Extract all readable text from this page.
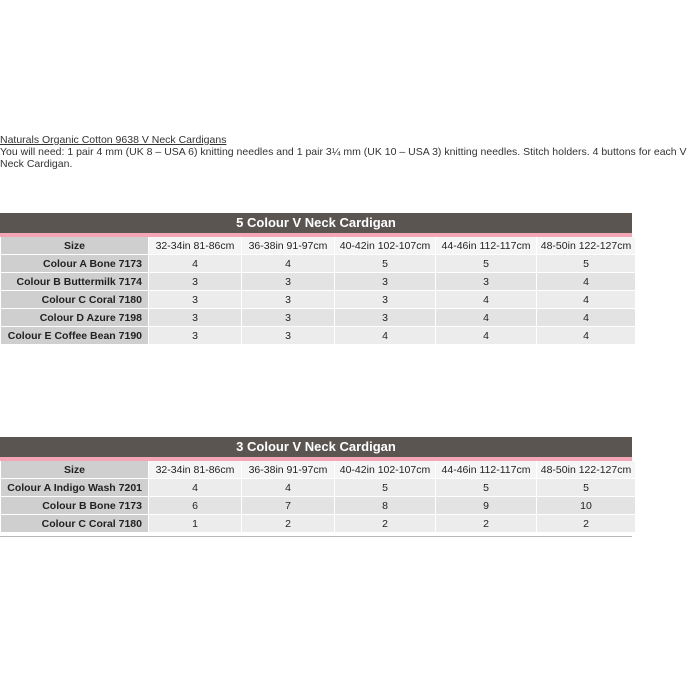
Naturals Organic Cotton 9638 V Neck Cardigans
You will need: 1 pair 4 mm (UK 8 – USA 6) knitting needles and 1 pair 3¼ mm (UK 10 – USA 3) knitting needles. Stitch holders. 4 buttons for each V Neck Cardigan.
5 Colour V Neck Cardigan
Size	32-34in 81-86cm	36-38in 91-97cm	40-42in 102-107cm	44-46in 112-117cm	48-50in 122-127cm
Colour A Bone 7173	4	4	5	5	5
Colour B Buttermilk 7174	3	3	3	3	4
Colour C Coral 7180	3	3	3	4	4
Colour D Azure 7198	3	3	3	4	4
Colour E Coffee Bean 7190	3	3	4	4	4
3 Colour V Neck Cardigan
Size	32-34in 81-86cm	36-38in 91-97cm	40-42in 102-107cm	44-46in 112-117cm	48-50in 122-127cm
Colour A Indigo Wash 7201	4	4	5	5	5
Colour B Bone 7173	6	7	8	9	10
Colour C Coral 7180	1	2	2	2	2
